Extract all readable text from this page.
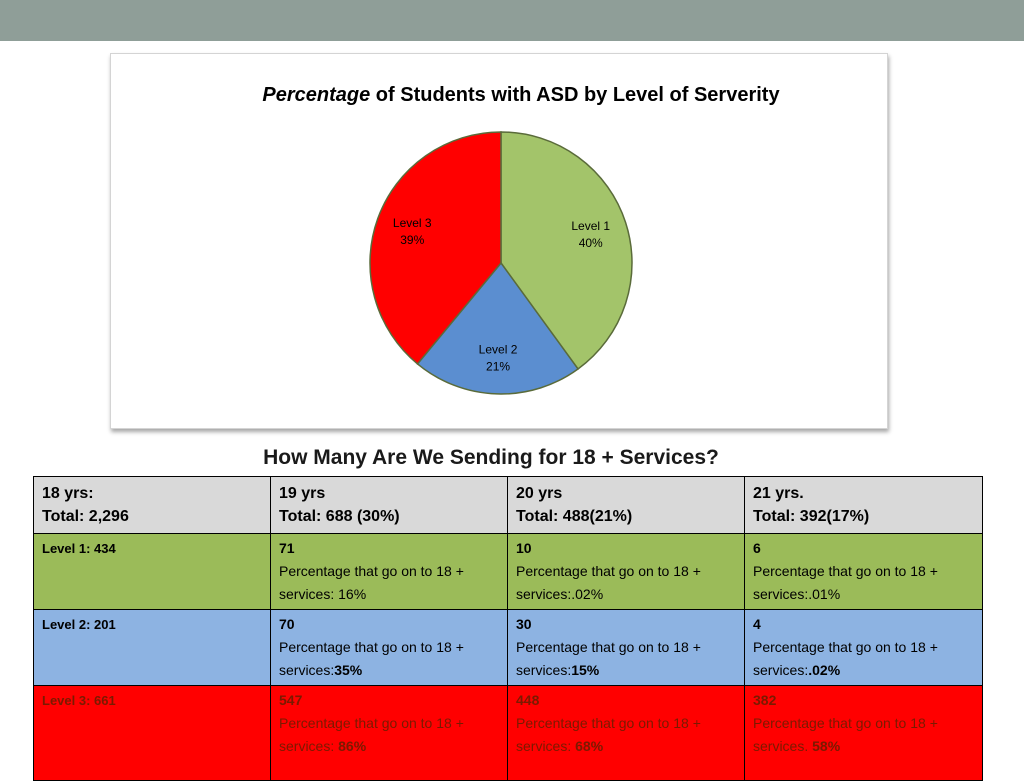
Level 1
40%
Level 2
21%
Level 3
39%
Percentage of Students with ASD by Level of Serverity
How Many Are We Sending for 18 + Services?
18 yrs:
Total: 2,296	19 yrs
Total: 688 (30%)	20 yrs
Total: 488(21%)	21 yrs.
Total: 392(17%)

Level 1: 434	71
Percentage that go on to 18 +
services: 16%	10
Percentage that go on to 18 +
services:.02%	6
Percentage that go on to 18 +
services:.01%

Level 2: 201	70
Percentage that go on to 18 +
services:35%	30
Percentage that go on to 18 +
services:15%	4
Percentage that go on to 18 +
services:.02%

Level 3: 661	547
Percentage that go on to 18 +
services: 86%	448
Percentage that go on to 18 +
services: 68%	382
Percentage that go on to 18 +
services. 58%
